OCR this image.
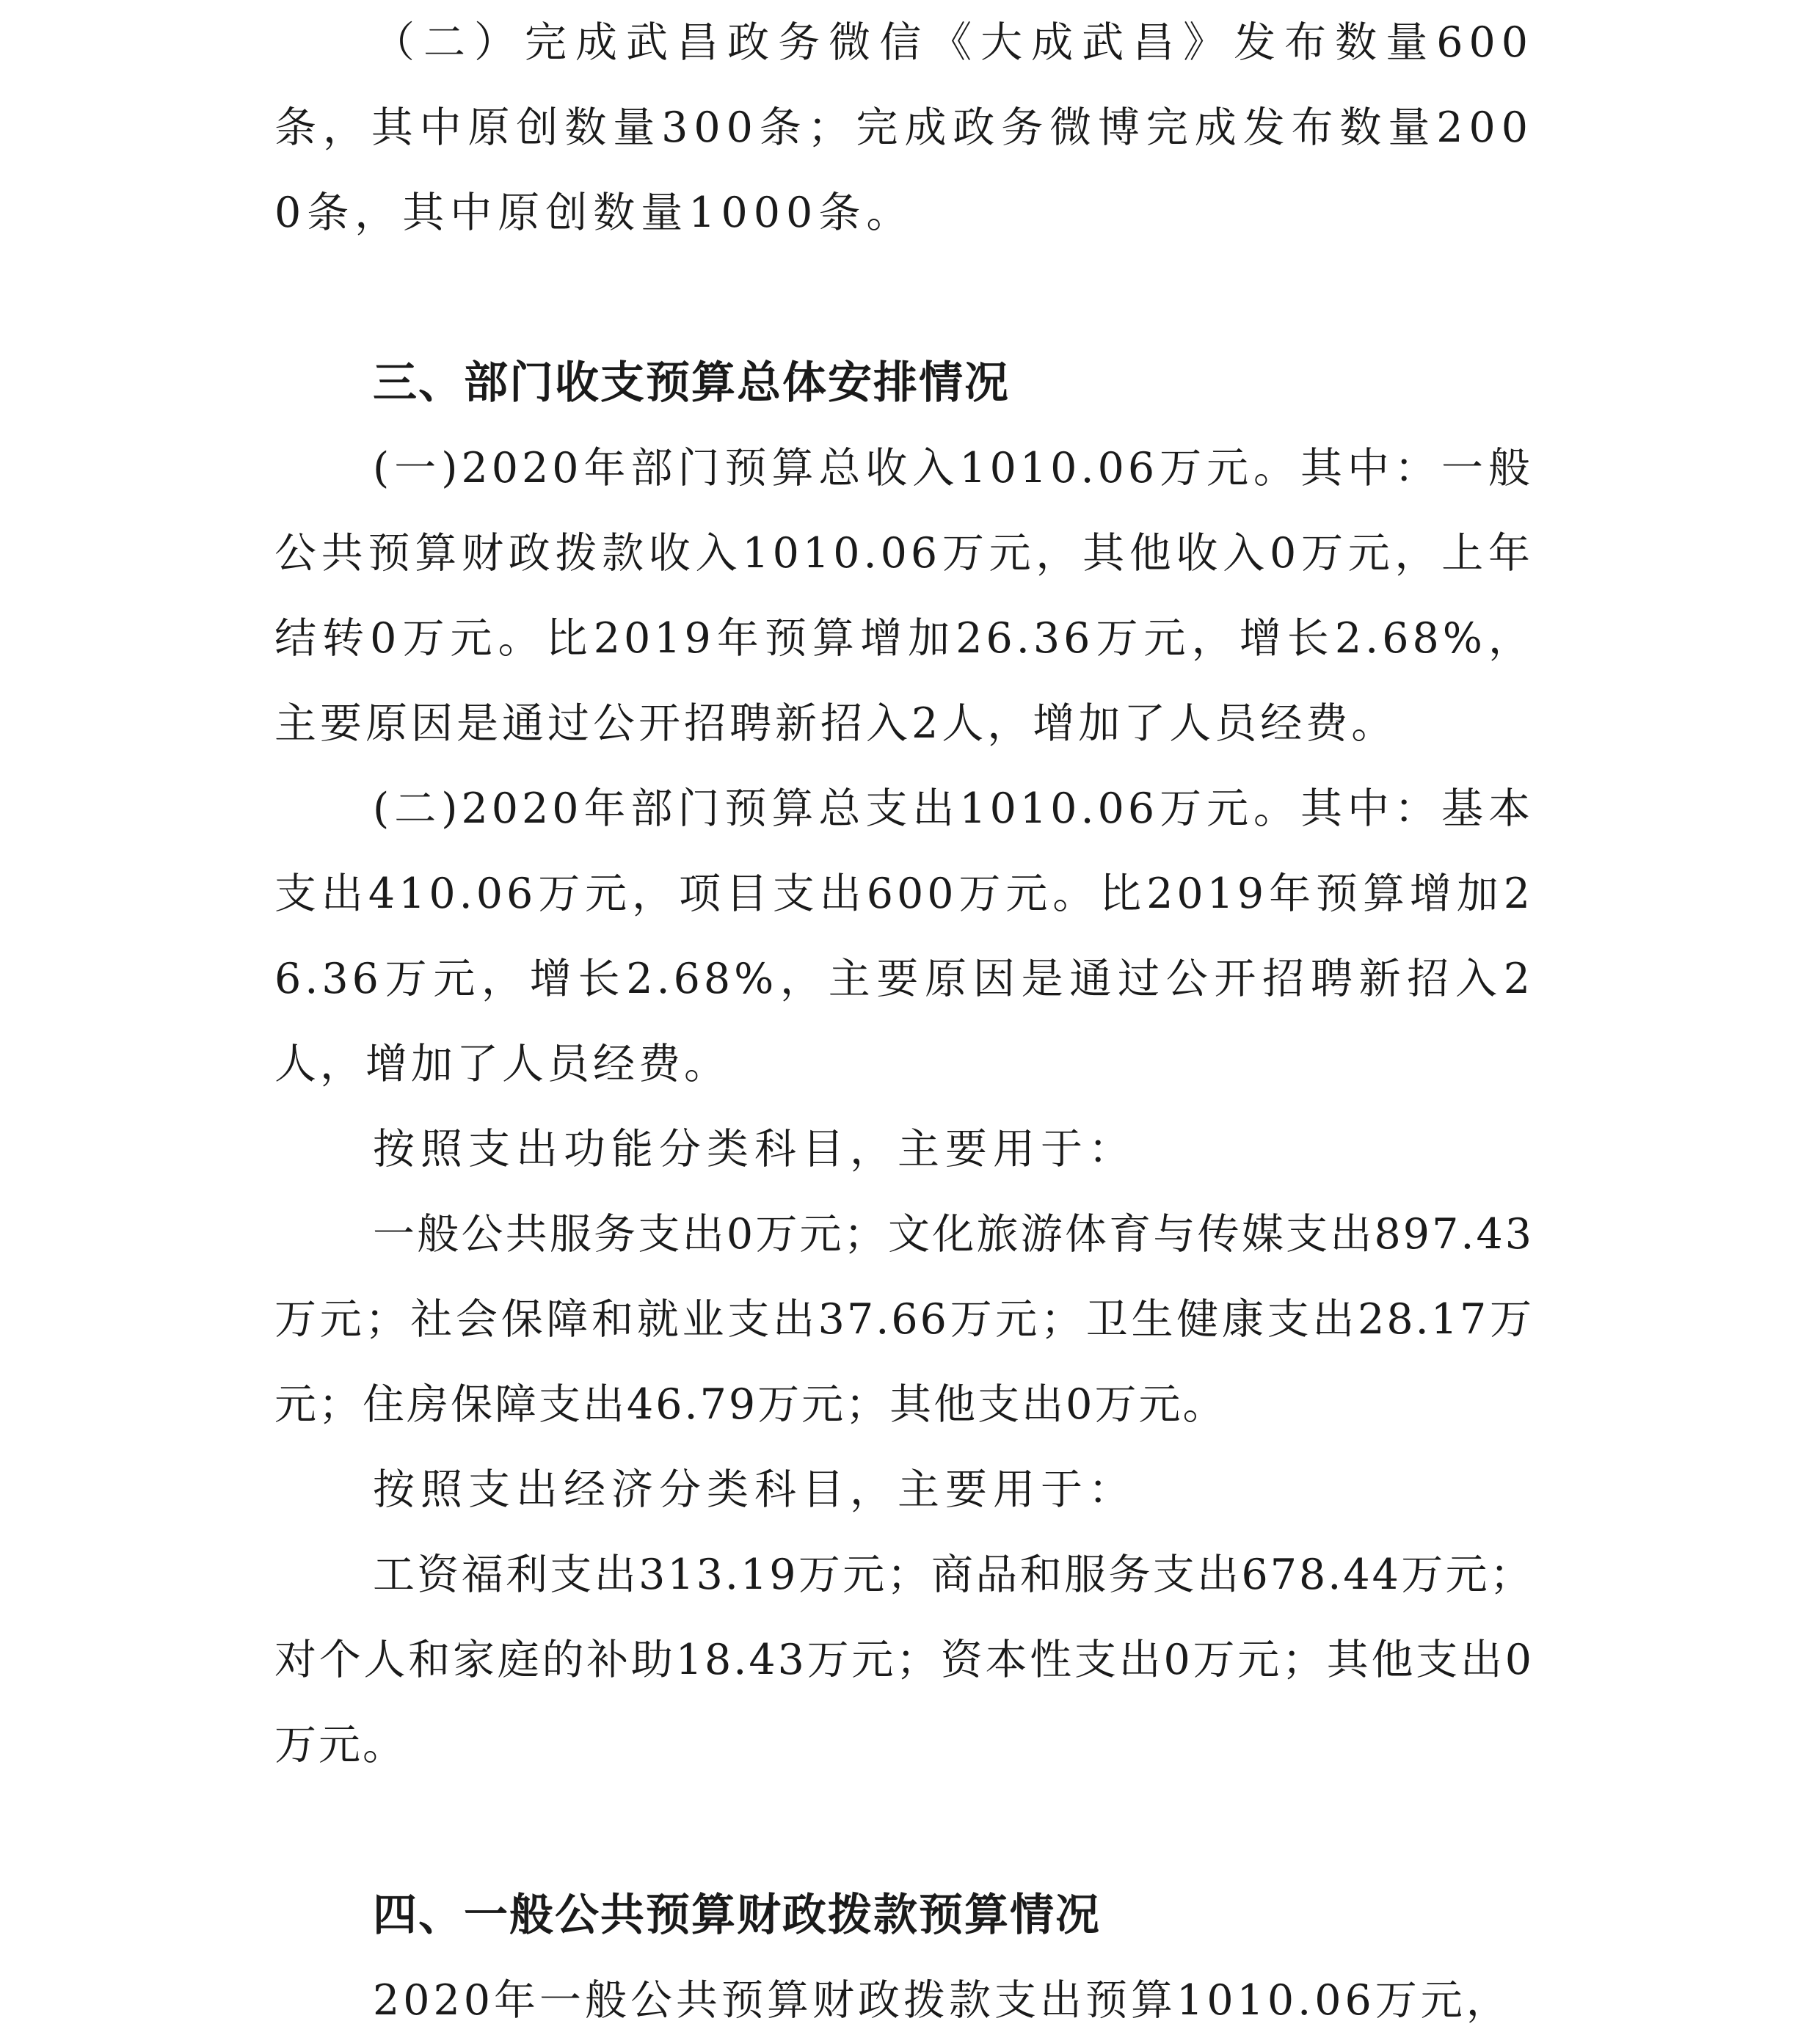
（二）完成武昌政务微信《大成武昌》发布数量600条，其中原创数量300条；完成政务微博完成发布数量2000条，其中原创数量1000条。

三、部门收支预算总体安排情况

(一)2020年部门预算总收入1010.06万元。其中：一般公共预算财政拨款收入1010.06万元，其他收入0万元，上年结转0万元。比2019年预算增加26.36万元，增长2.68%，主要原因是通过公开招聘新招入2人，增加了人员经费。

(二)2020年部门预算总支出1010.06万元。其中：基本支出410.06万元，项目支出600万元。比2019年预算增加26.36万元，增长2.68%，主要原因是通过公开招聘新招入2人，增加了人员经费。

按照支出功能分类科目，主要用于：

一般公共服务支出0万元；文化旅游体育与传媒支出897.43万元；社会保障和就业支出37.66万元；卫生健康支出28.17万元；住房保障支出46.79万元；其他支出0万元。

按照支出经济分类科目，主要用于：

工资福利支出313.19万元；商品和服务支出678.44万元；对个人和家庭的补助18.43万元；资本性支出0万元；其他支出0万元。

四、一般公共预算财政拨款预算情况

2020年一般公共预算财政拨款支出预算1010.06万元，
